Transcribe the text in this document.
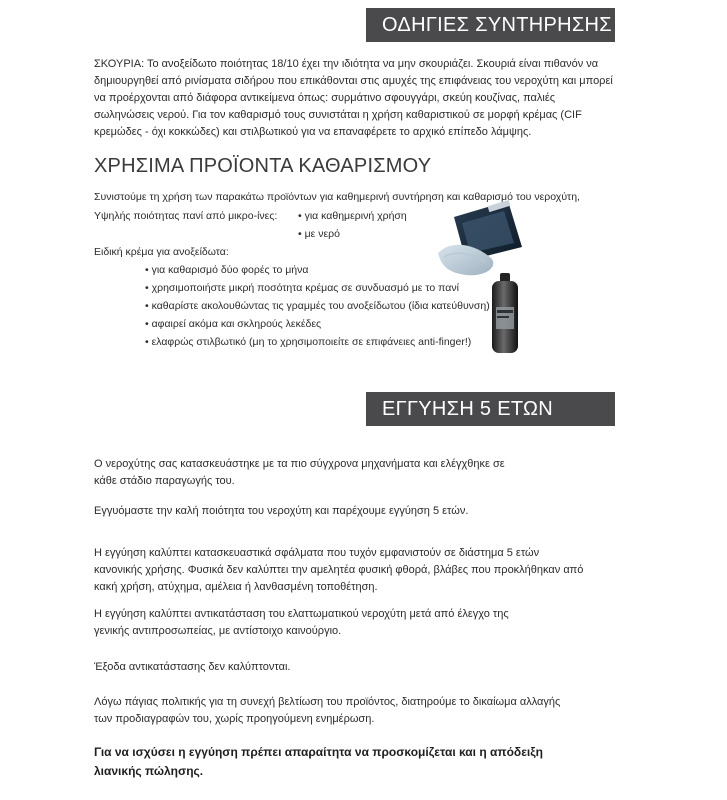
ΟΔΗΓΙΕΣ ΣΥΝΤΗΡΗΣΗΣ

ΣΚΟΥΡΙΑ: Το ανοξείδωτο ποιότητας 18/10 έχει την ιδιότητα να μην σκουριάζει. Σκουριά είναι πιθανόν να δημιουργηθεί από ρινίσματα σιδήρου που επικάθονται στις αμυχές της επιφάνειας του νεροχύτη και μπορεί να προέρχονται από διάφορα αντικείμενα όπως: συρμάτινο σφουγγάρι, σκεύη κουζίνας, παλιές σωληνώσεις νερού. Για τον καθαρισμό τους συνιστάται η χρήση καθαριστικού σε μορφή κρέμας (CIF κρεμώδες - όχι κοκκώδες) και στιλβωτικού για να επαναφέρετε το αρχικό επίπεδο λάμψης.

ΧΡΗΣΙΜΑ ΠΡΟΪΟΝΤΑ ΚΑΘΑΡΙΣΜΟΥ
Συνιστούμε τη χρήση των παρακάτω προϊόντων για καθημερινή συντήρηση και καθαρισμό του νεροχύτη,
Υψηλής ποιότητας πανί από μικρο-ίνες: • για καθημερινή χρήση
• με νερό
Ειδική κρέμα για ανοξείδωτα:
• για καθαρισμό δύο φορές το μήνα
• χρησιμοποιήστε μικρή ποσότητα κρέμας σε συνδυασμό με το πανί
• καθαρίστε ακολουθώντας τις γραμμές του ανοξείδωτου (ίδια κατεύθυνση)
• αφαιρεί ακόμα και σκληρούς λεκέδες
• ελαφρώς στιλβωτικό (μη το χρησιμοποιείτε σε επιφάνειες anti-finger!)
ΕΓΓΥΗΣΗ 5 ΕΤΩΝ

Ο νεροχύτης σας κατασκευάστηκε με τα πιο σύγχρονα μηχανήματα και ελέγχθηκε σε κάθε στάδιο παραγωγής του.

Εγγυόμαστε την καλή ποιότητα του νεροχύτη και παρέχουμε εγγύηση 5 ετών.

Η εγγύηση καλύπτει κατασκευαστικά σφάλματα που τυχόν εμφανιστούν σε διάστημα 5 ετών κανονικής χρήσης. Φυσικά δεν καλύπτει την αμελητέα φυσική φθορά, βλάβες που προκλήθηκαν από κακή χρήση, ατύχημα, αμέλεια ή λανθασμένη τοποθέτηση.

Η εγγύηση καλύπτει αντικατάσταση του ελαττωματικού νεροχύτη μετά από έλεγχο της γενικής αντιπροσωπείας, με αντίστοιχο καινούργιο.

Έξοδα αντικατάστασης δεν καλύπτονται.

Λόγω πάγιας πολιτικής για τη συνεχή βελτίωση του προϊόντος, διατηρούμε το δικαίωμα αλλαγής των προδιαγραφών του, χωρίς προηγούμενη ενημέρωση.

Για να ισχύσει η εγγύηση πρέπει απαραίτητα να προσκομίζεται και η απόδειξη λιανικής πώλησης.
